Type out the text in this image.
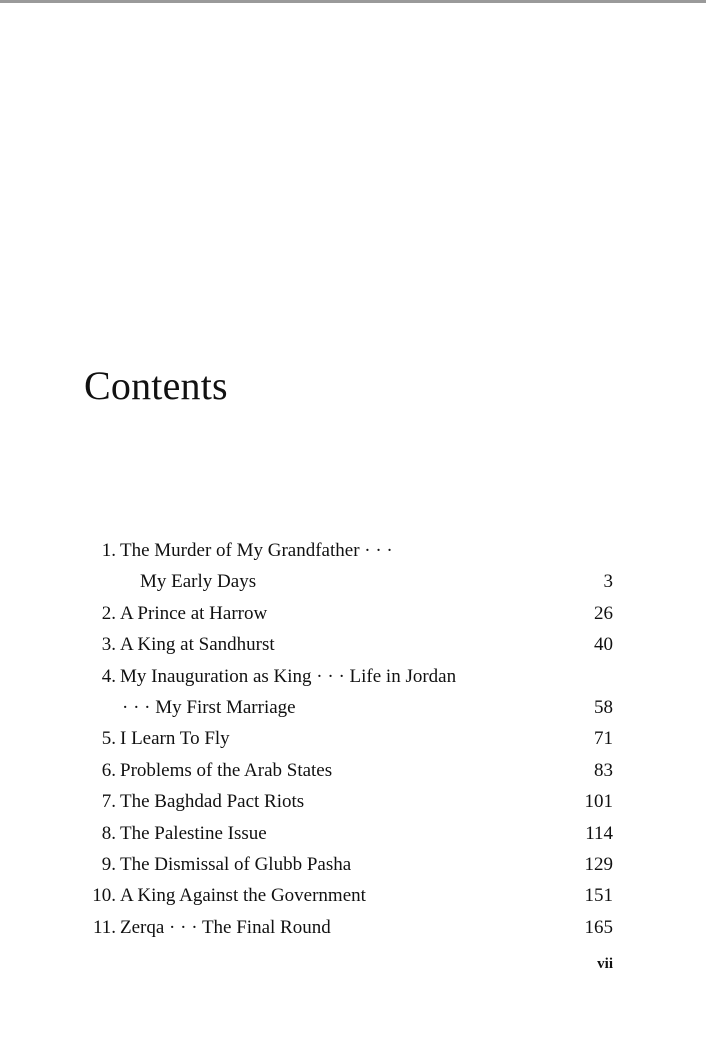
Contents
1. The Murder of My Grandfather · · ·
My Early Days	3
2. A Prince at Harrow	26
3. A King at Sandhurst	40
4. My Inauguration as King · · · Life in Jordan
· · · My First Marriage	58
5. I Learn To Fly	71
6. Problems of the Arab States	83
7. The Baghdad Pact Riots	101
8. The Palestine Issue	114
9. The Dismissal of Glubb Pasha	129
10. A King Against the Government	151
11. Zerqa · · · The Final Round	165
vii
